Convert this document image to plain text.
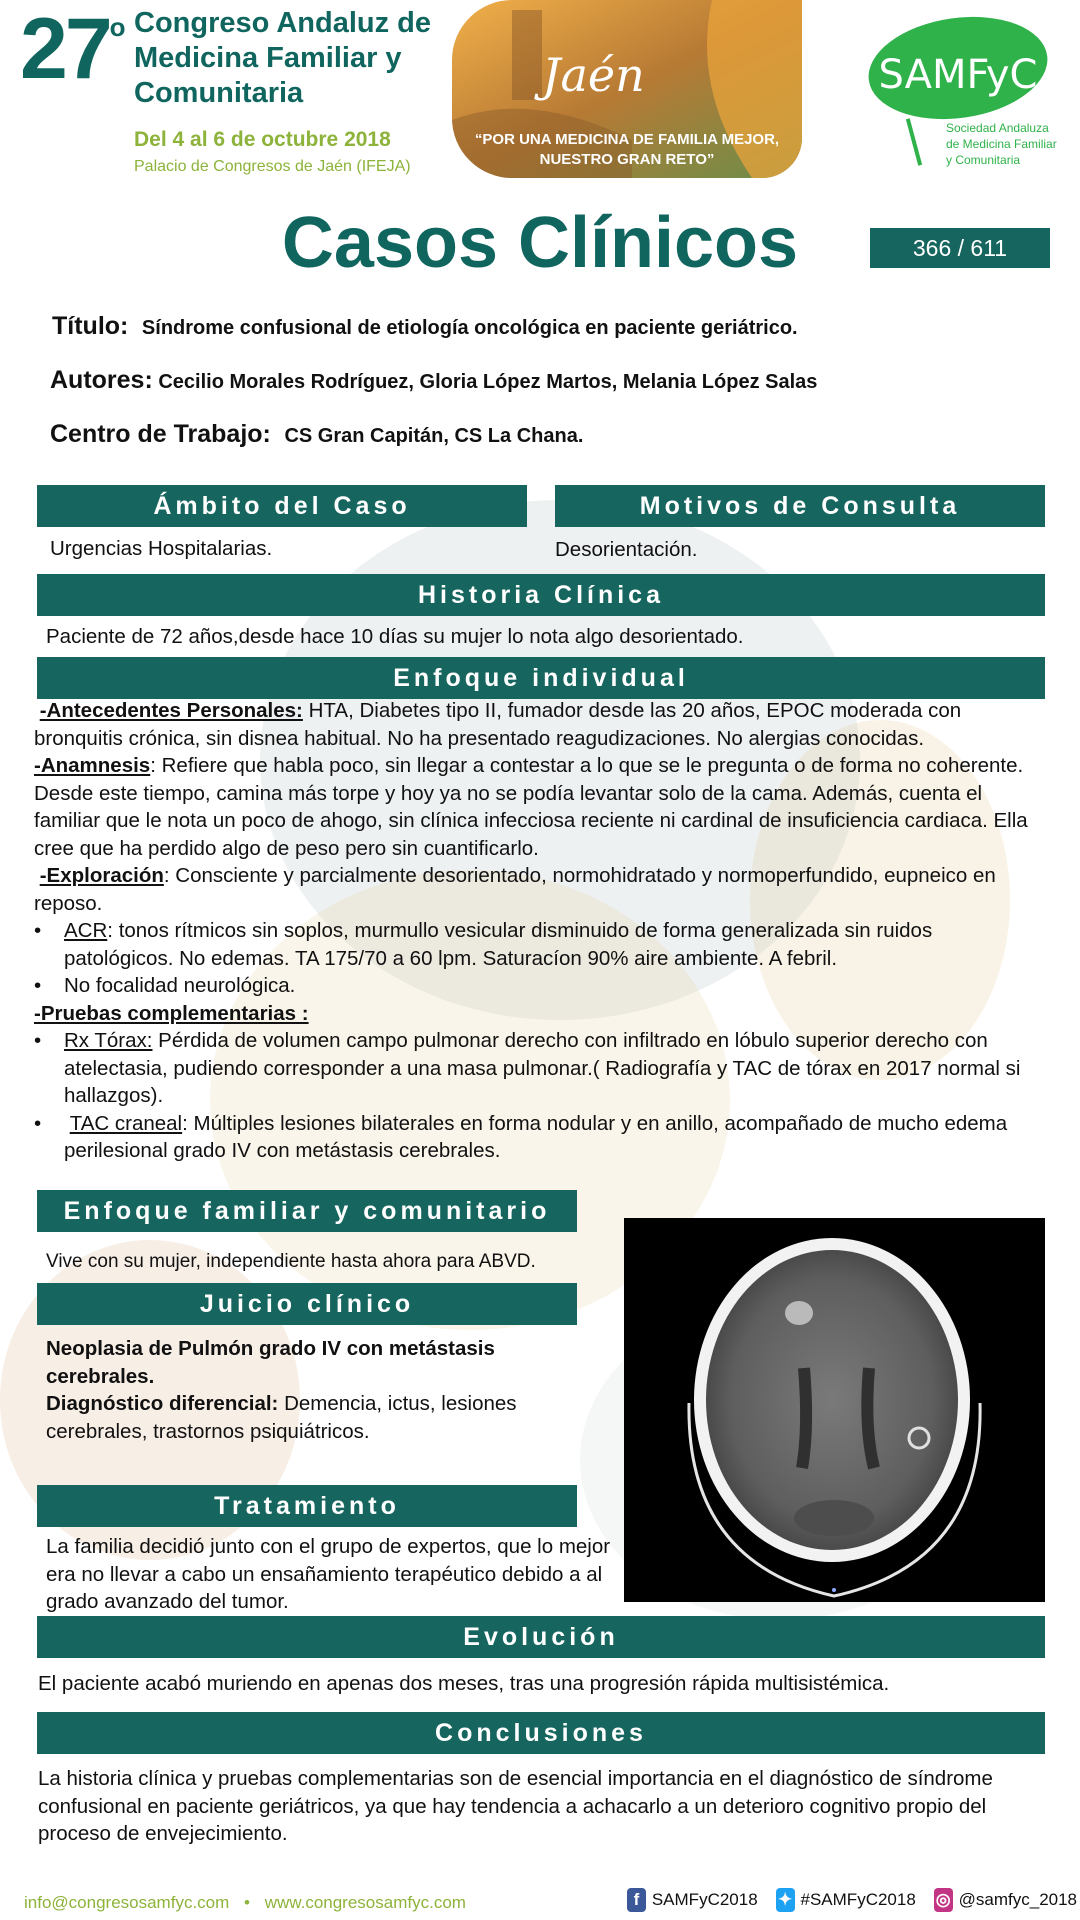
27$^o$ Congreso Andaluz de
Medicina Familiar y
Comunitaria
Del 4 al 6 de octubre 2018
Palacio de Congresos de Jaén (IFEJA)
Jaén
“POR UNA MEDICINA DE FAMILIA MEJOR,
NUESTRO GRAN RETO”
SAMFyC
Sociedad Andaluza
de Medicina Familiar
y Comunitaria
Casos Clínicos	366 / 611
Título: Síndrome confusional de etiología oncológica en paciente geriátrico.
Autores: Cecilio Morales Rodríguez, Gloria López Martos, Melania López Salas
Centro de Trabajo: CS Gran Capitán, CS La Chana.
Ámbito del Caso	Motivos de Consulta
Urgencias Hospitalarias.	Desorientación.
Historia Clínica
Paciente de 72 años,desde hace 10 días su mujer lo nota algo desorientado.
Enfoque individual

-Antecedentes Personales: HTA, Diabetes tipo II, fumador desde las 20 años, EPOC moderada con bronquitis crónica, sin disnea habitual. No ha presentado reagudizaciones. No alergias conocidas.

-Anamnesis: Refiere que habla poco, sin llegar a contestar a lo que se le pregunta o de forma no coherente. Desde este tiempo, camina más torpe y hoy ya no se podía levantar solo de la cama. Además, cuenta el familiar que le nota un poco de ahogo, sin clínica infecciosa reciente ni cardinal de insuficiencia cardiaca. Ella cree que ha perdido algo de peso pero sin cuantificarlo.

-Exploración: Consciente y parcialmente desorientado, normohidratado y normoperfundido, eupneico en reposo.

• ACR: tonos rítmicos sin soplos, murmullo vesicular disminuido de forma generalizada sin ruidos patológicos. No edemas. TA 175/70 a 60 lpm. Saturacíon 90% aire ambiente. A febril.
• No focalidad neurológica.

-Pruebas complementarias :

• Rx Tórax: Pérdida de volumen campo pulmonar derecho con infiltrado en lóbulo superior derecho con atelectasia, pudiendo corresponder a una masa pulmonar.( Radiografía y TAC de tórax en 2017 normal si hallazgos).
• TAC craneal: Múltiples lesiones bilaterales en forma nodular y en anillo, acompañado de mucho edema perilesional grado IV con metástasis cerebrales.
Enfoque familiar y comunitario
Vive con su mujer, independiente hasta ahora para ABVD.
Juicio clínico

Neoplasia de Pulmón grado IV con metástasis cerebrales.

Diagnóstico diferencial: Demencia, ictus, lesiones cerebrales, trastornos psiquiátricos.

Tratamiento
La familia decidió junto con el grupo de expertos, que lo mejor era no llevar a cabo un ensañamiento terapéutico debido a al grado avanzado del tumor.
Evolución
El paciente acabó muriendo en apenas dos meses, tras una progresión rápida multisistémica.
Conclusiones
La historia clínica y pruebas complementarias son de esencial importancia en el diagnóstico de síndrome confusional en paciente geriátricos, ya que hay tendencia a achacarlo a un deterioro cognitivo propio del proceso de envejecimiento.
info@congresosamfyc.com • www.congresosamfyc.com	f SAMFyC2018 ✦ #SAMFyC2018 ◎ @samfyc_2018
